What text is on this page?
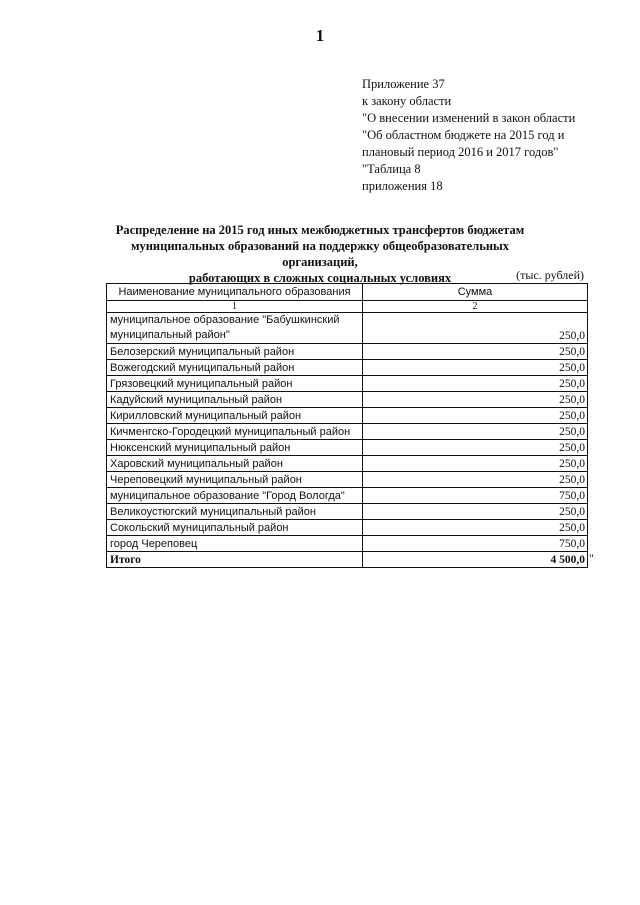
1
Приложение 37
к закону области
"О внесении изменений в закон области
"Об областном бюджете на 2015 год и
плановый период 2016 и 2017 годов"
"Таблица 8
приложения 18
Распределение на 2015 год иных межбюджетных трансфертов бюджетам
муниципальных образований на поддержку общеобразовательных организаций,
работающих в сложных социальных условиях	(тыс. рублей)
Наименование муниципального образования	Сумма
1	2
муниципальное образование "Бабушкинский муниципальный район"	250,0
Белозерский муниципальный район	250,0
Вожегодский муниципальный район	250,0
Грязовецкий муниципальный район	250,0
Кадуйский муниципальный район	250,0
Кирилловский муниципальный район	250,0
Кичменгско-Городецкий муниципальный район	250,0
Нюксенский муниципальный район	250,0
Харовский муниципальный район	250,0
Череповецкий муниципальный район	250,0
муниципальное образование "Город Вологда"	750,0
Великоустюгский муниципальный район	250,0
Сокольский муниципальный район	250,0
город Череповец	750,0
Итого	4 500,0 "
